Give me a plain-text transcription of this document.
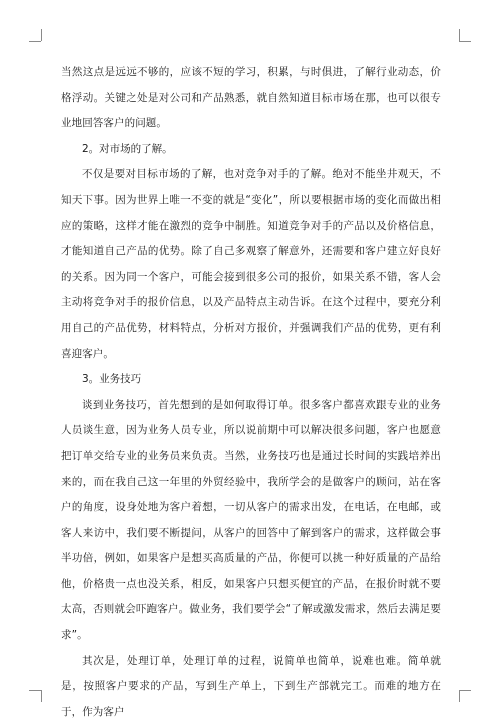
当然这点是远远不够的，应该不短的学习，积累，与时俱进，了解行业动态，价格浮动。关键之处是对公司和产品熟悉，就自然知道目标市场在那，也可以很专业地回答客户的问题。

2。对市场的了解。

不仅是要对目标市场的了解，也对竞争对手的了解。绝对不能坐井观天，不知天下事。因为世界上唯一不变的就是“变化”，所以要根据市场的变化而做出相应的策略，这样才能在激烈的竞争中制胜。知道竞争对手的产品以及价格信息，才能知道自己产品的优势。除了自己多观察了解意外，还需要和客户建立好良好的关系。因为同一个客户，可能会接到很多公司的报价，如果关系不错，客人会主动将竞争对手的报价信息，以及产品特点主动告诉。在这个过程中，要充分利用自己的产品优势，材料特点，分析对方报价，并强调我们产品的优势，更有利喜迎客户。

3。业务技巧

谈到业务技巧，首先想到的是如何取得订单。很多客户都喜欢跟专业的业务人员谈生意，因为业务人员专业，所以说前期中可以解决很多问题，客户也愿意把订单交给专业的业务员来负责。当然，业务技巧也是通过长时间的实践培养出来的，而在我自己这一年里的外贸经验中，我所学会的是做客户的顾问，站在客户的角度，设身处地为客户着想，一切从客户的需求出发，在电话，在电邮，或客人来访中，我们要不断提问，从客户的回答中了解到客户的需求，这样做会事半功倍，例如，如果客户是想买高质量的产品，你便可以挑一种好质量的产品给他，价格贵一点也没关系，相反，如果客户只想买便宜的产品，在报价时就不要太高，否则就会吓跑客户。做业务，我们要学会“了解或激发需求，然后去满足要求”。

其次是，处理订单，处理订单的过程，说简单也简单，说难也难。简单就是，按照客户要求的产品，写到生产单上，下到生产部就完工。而难的地方在于，作为客户
